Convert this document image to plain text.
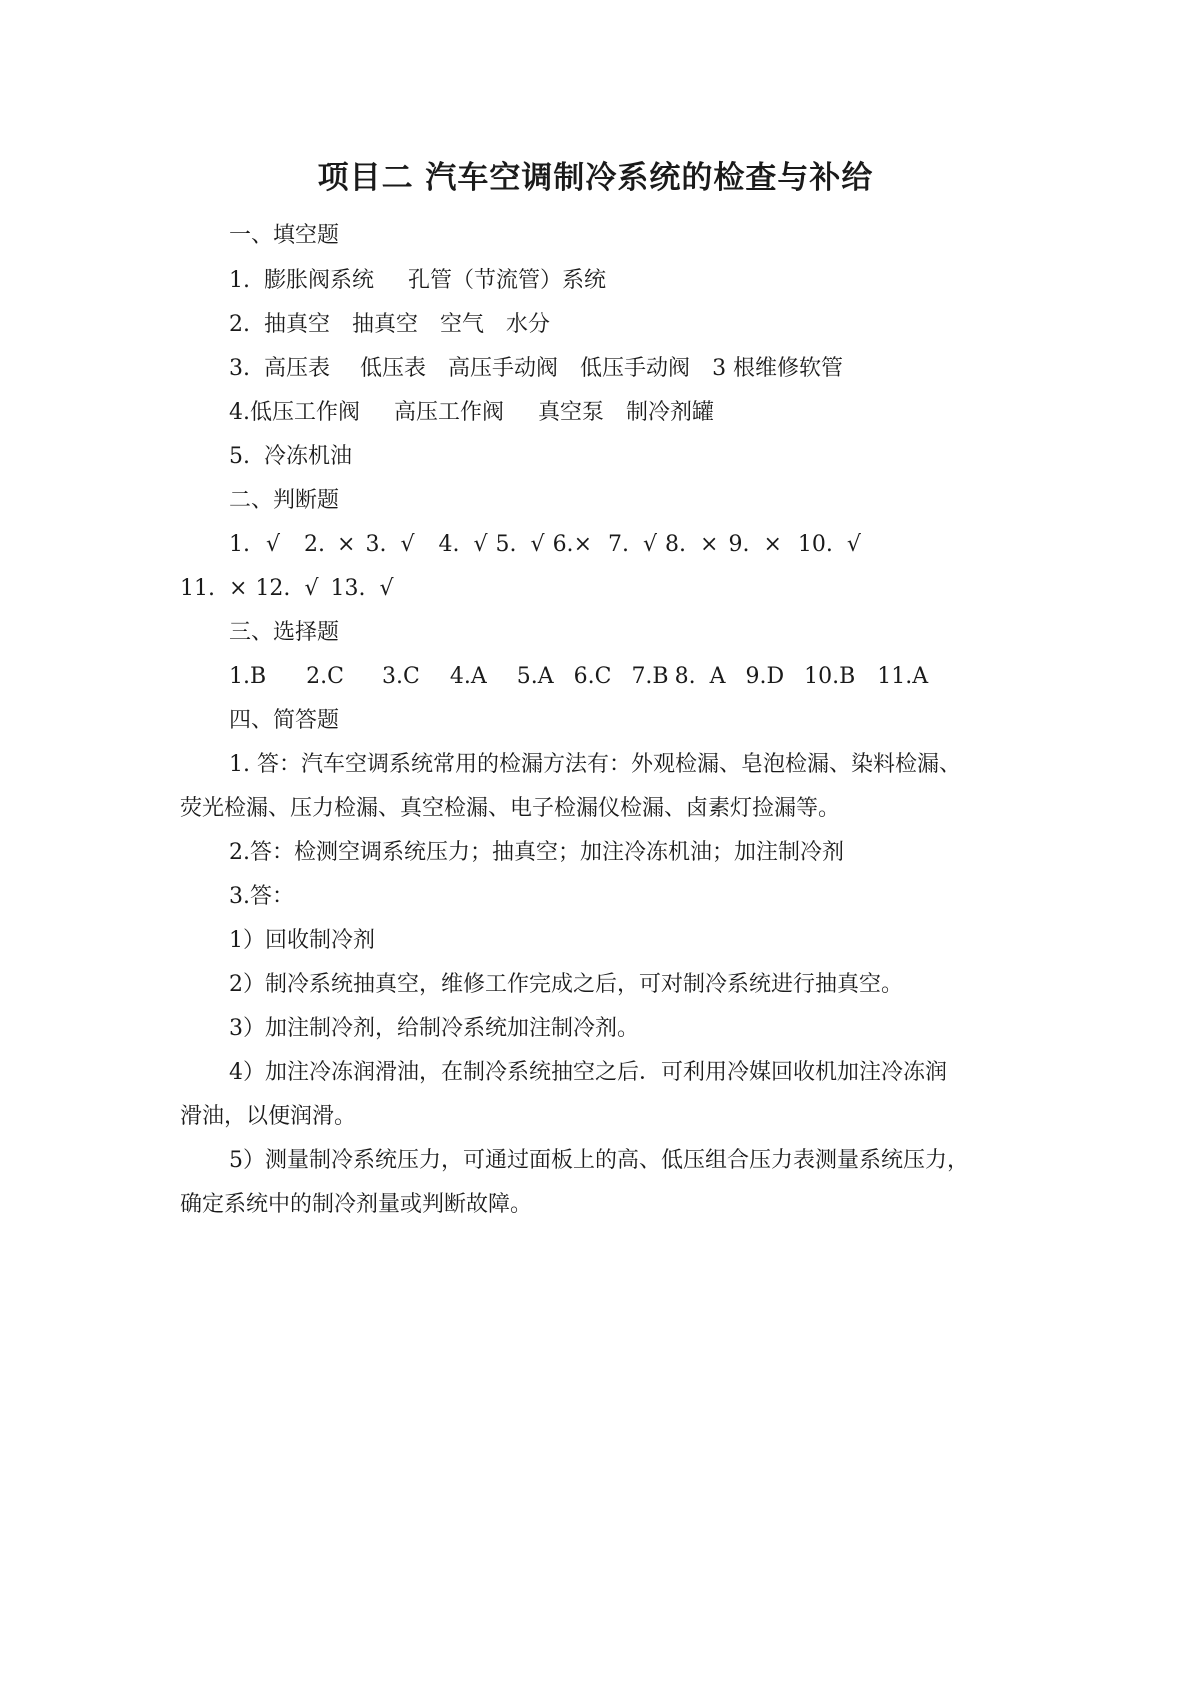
项目二 汽车空调制冷系统的检查与补给
一、填空题
1. 膨胀阀系统 孔管（节流管）系统
2. 抽真空 抽真空 空气 水分
3. 高压表 低压表 高压手动阀 低压手动阀 3 根维修软管
4.低压工作阀 高压工作阀 真空泵 制冷剂罐
5. 冷冻机油
二、判断题
1. √ 2. × 3. √ 4. √ 5. √ 6.× 7. √ 8. × 9. × 10. √
11. × 12. √ 13. √
三、选择题
1.B 2.C 3.C 4.A 5.A 6.C 7.B 8. A 9.D 10.B 11.A
四、简答题
1. 答：汽车空调系统常用的检漏方法有：外观检漏、皂泡检漏、染料检漏、
荧光检漏、压力检漏、真空检漏、电子检漏仪检漏、卤素灯捡漏等。
2.答：检测空调系统压力；抽真空；加注冷冻机油；加注制冷剂
3.答：
1）回收制冷剂
2）制冷系统抽真空，维修工作完成之后，可对制冷系统进行抽真空。
3）加注制冷剂，给制冷系统加注制冷剂。
4）加注冷冻润滑油，在制冷系统抽空之后．可利用冷媒回收机加注冷冻润
滑油，以便润滑。
5）测量制冷系统压力，可通过面板上的高、低压组合压力表测量系统压力，
确定系统中的制冷剂量或判断故障。
